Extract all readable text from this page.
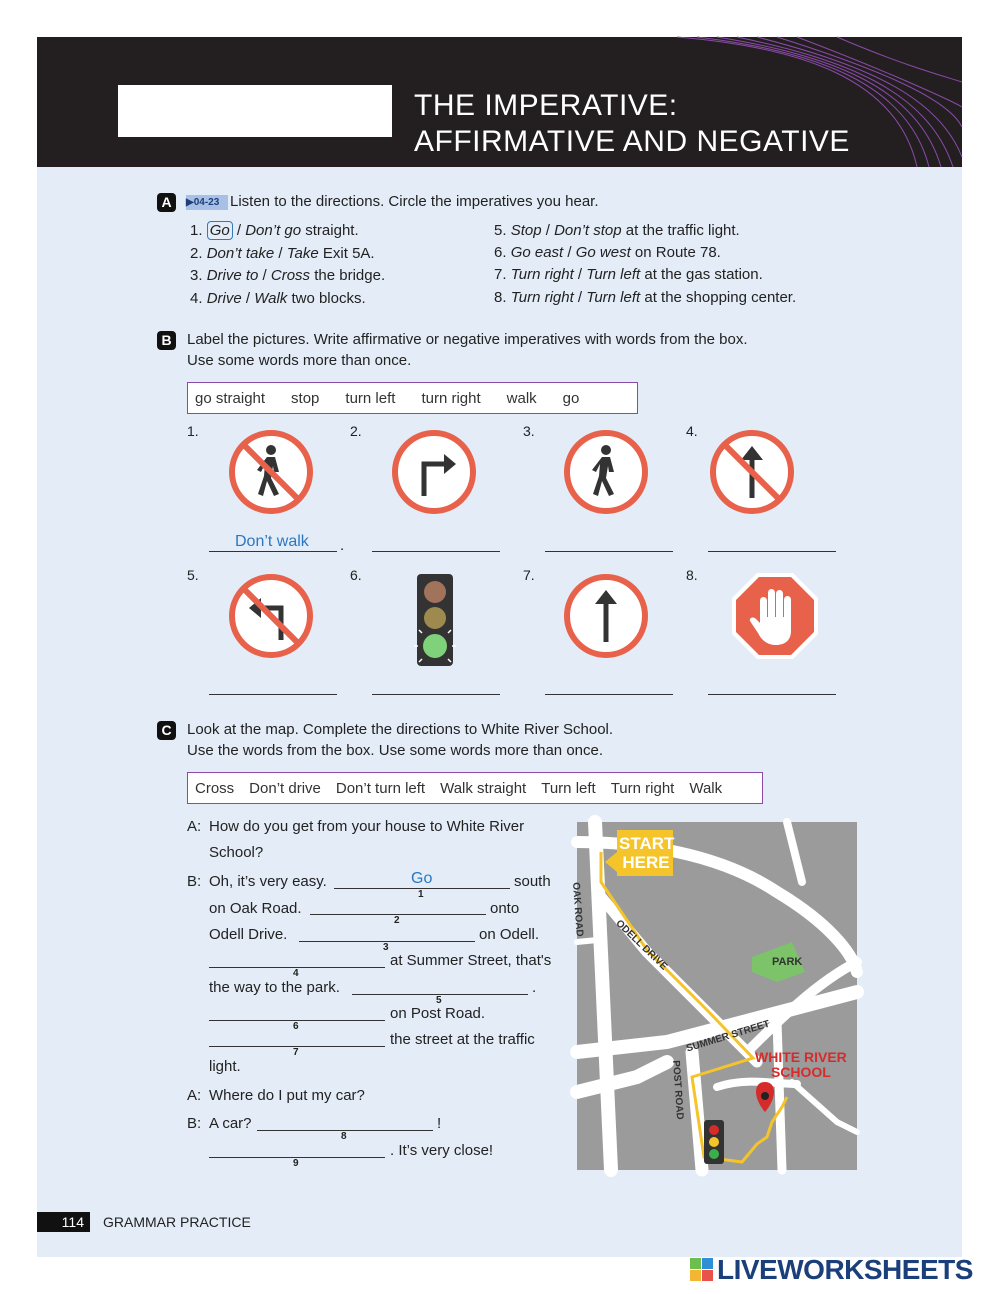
THE IMPERATIVE:
AFFIRMATIVE AND NEGATIVE
A	▶04-23 Listen to the directions. Circle the imperatives you hear.
1. Go / Don’t go straight.
2. Don’t take / Take Exit 5A.
3. Drive to / Cross the bridge.
4. Drive / Walk two blocks.
5. Stop / Don’t stop at the traffic light.
6. Go east / Go west on Route 78.
7. Turn right / Turn left at the gas station.
8. Turn right / Turn left at the shopping center.
B Label the pictures. Write affirmative or negative imperatives with words from the box.
Use some words more than once.
go straight stop turn left turn right walk go
1.	2.	3.	4.
5.	6.	7.	8.
Don’t walk .
C Look at the map. Complete the directions to White River School.
Use the words from the box. Use some words more than once.
Cross Don’t drive Don’t turn left Walk straight Turn left Turn right Walk
A: How do you get from your house to White River
School?
B: Oh, it’s very easy.	Go
1
south
on Oak Road.
2
onto
Odell Drive.
3
on Odell.
4
at Summer Street, that's
the way to the park.
5
.
6
on Post Road.
7
the street at the traffic
light.
A: Where do I put my car?
B: A car?
8
!
9
. It’s very close!
START
HERE
OAK ROAD
ODELL DRIVE	PARK
SUMMER STREET
WHITE RIVER
SCHOOL
POST ROAD
114	GRAMMAR PRACTICE
LIVEWORKSHEETS
